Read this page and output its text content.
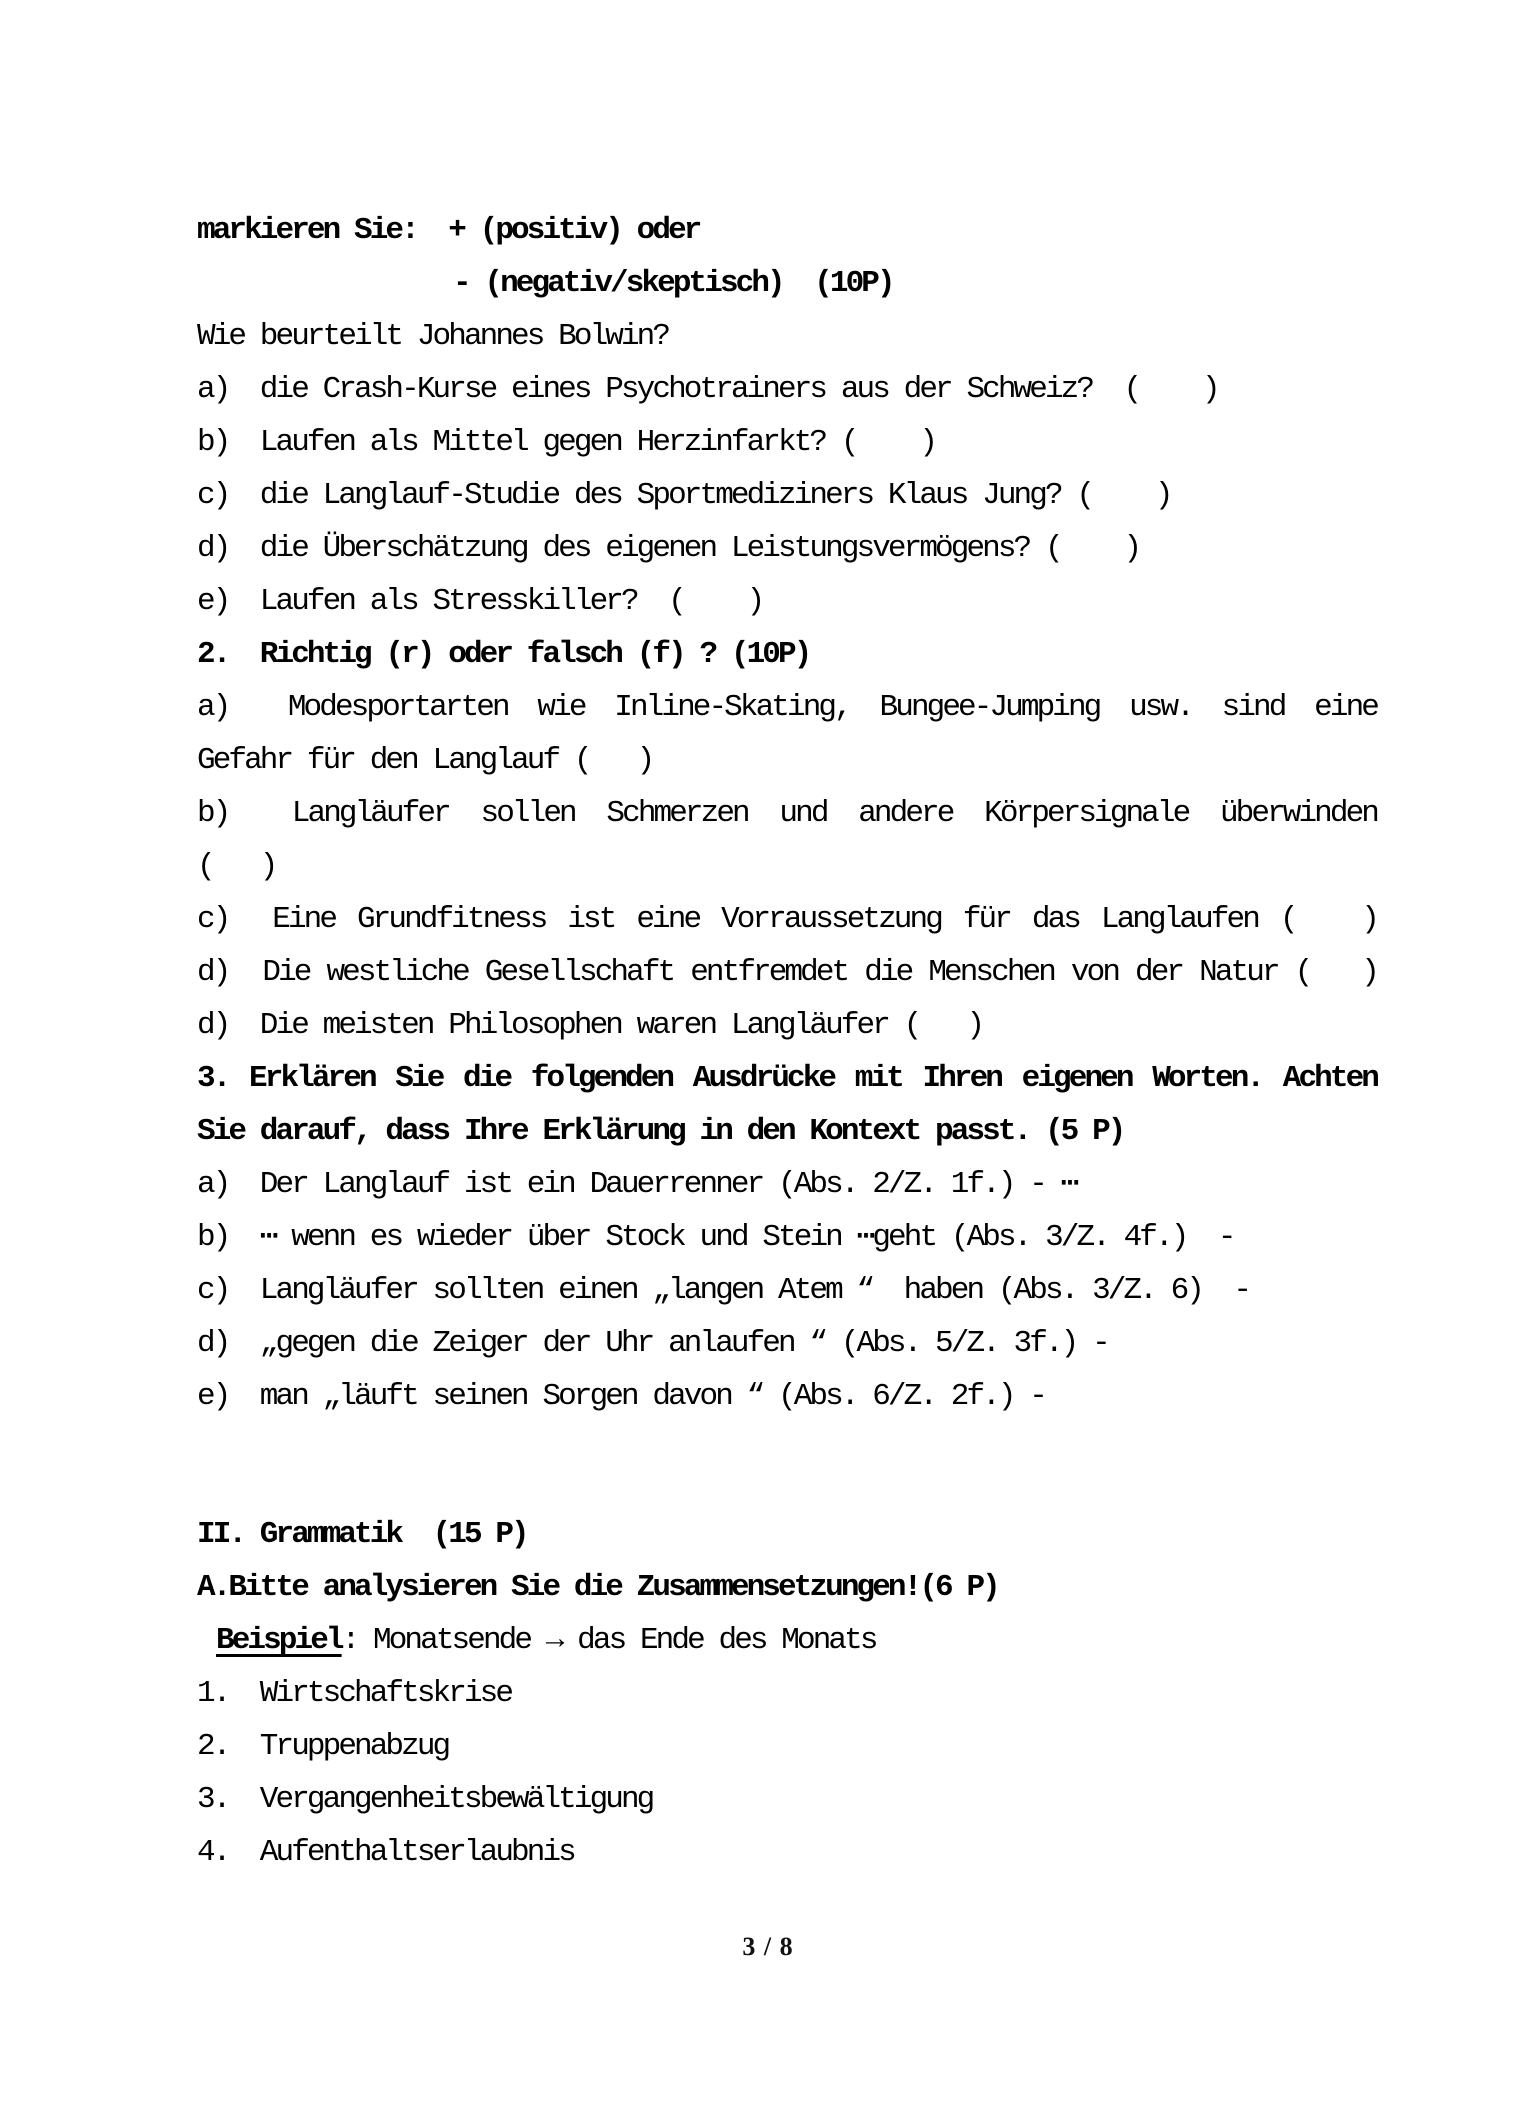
markieren Sie:  + (positiv) oder
- (negativ/skeptisch)  (10P)
Wie beurteilt Johannes Bolwin?
a)  die Crash-Kurse eines Psychotrainers aus der Schweiz?  (    )
b)  Laufen als Mittel gegen Herzinfarkt? (    )
c)  die Langlauf-Studie des Sportmediziners Klaus Jung? (    )
d)  die Überschätzung des eigenen Leistungsvermögens? (    )
e)  Laufen als Stresskiller?  (    )
2.  Richtig (r) oder falsch (f) ? (10P)
a)  Modesportarten wie Inline-Skating, Bungee-Jumping usw. sind eine
Gefahr für den Langlauf (   )
b)  Langläufer sollen Schmerzen und andere Körpersignale überwinden
(   )
c)  Eine Grundfitness ist eine Vorraussetzung für das Langlaufen (   )
d)  Die westliche Gesellschaft entfremdet die Menschen von der Natur (   )
d)  Die meisten Philosophen waren Langläufer (   )
3. Erklären Sie die folgenden Ausdrücke mit Ihren eigenen Worten. Achten
Sie darauf, dass Ihre Erklärung in den Kontext passt. (5 P)
a)  Der Langlauf ist ein Dauerrenner (Abs. 2/Z. 1f.) - ⋯
b)  ⋯ wenn es wieder über Stock und Stein ⋯geht (Abs. 3/Z. 4f.)  -
c)  Langläufer sollten einen „langen Atem “  haben (Abs. 3/Z. 6)  -
d)  „gegen die Zeiger der Uhr anlaufen “ (Abs. 5/Z. 3f.) -
e)  man „läuft seinen Sorgen davon “ (Abs. 6/Z. 2f.) -
II. Grammatik  (15 P)
A.Bitte analysieren Sie die Zusammensetzungen!(6 P)
Beispiel: Monatsende → das Ende des Monats
1.  Wirtschaftskrise
2.  Truppenabzug
3.  Vergangenheitsbewältigung
4.  Aufenthaltserlaubnis
3 / 8
